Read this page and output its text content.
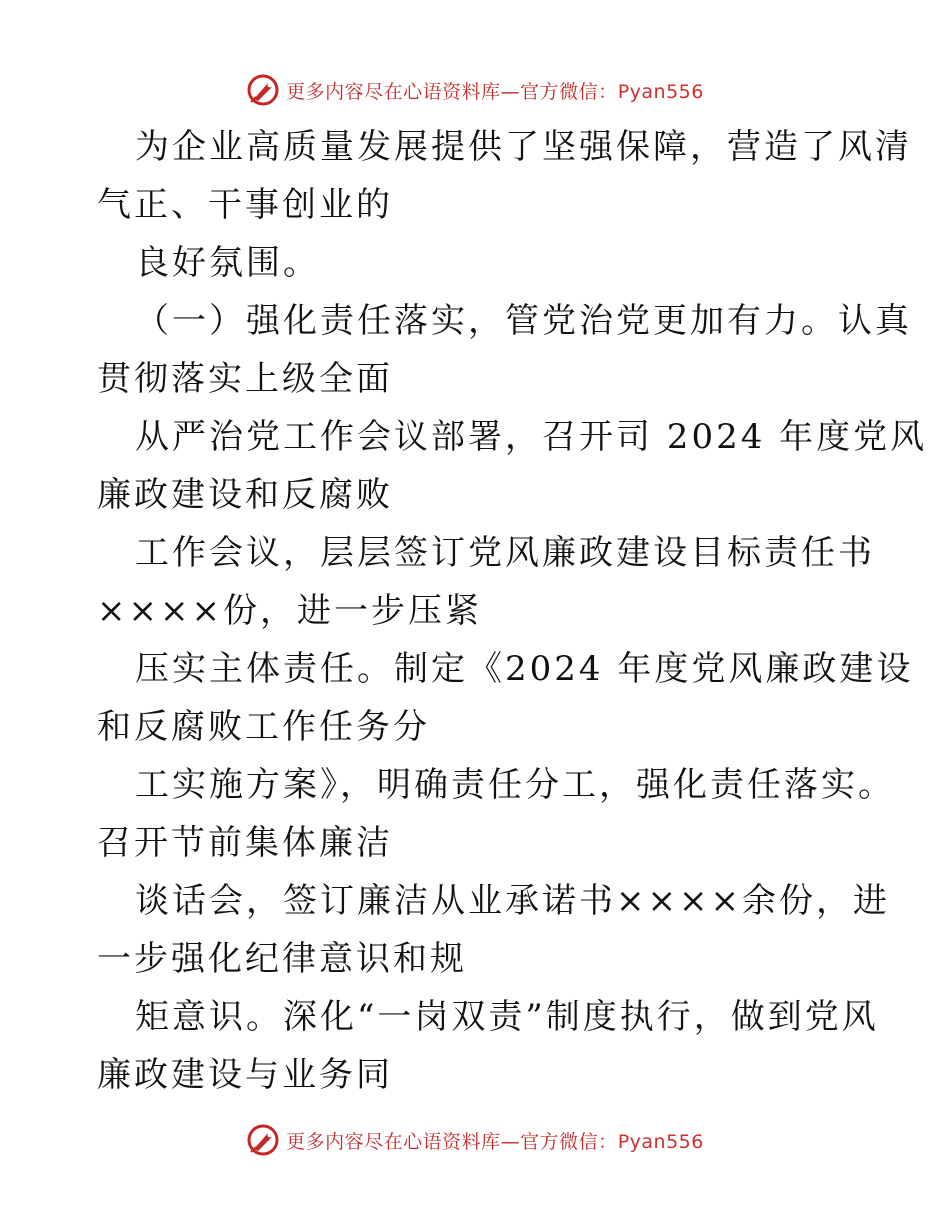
更多内容尽在心语资料库—官方微信：Pyan556
为企业高质量发展提供了坚强保障，营造了风清
气正、干事创业的
良好氛围。
（一）强化责任落实，管党治党更加有力。认真
贯彻落实上级全面
从严治党工作会议部署，召开司 2024 年度党风
廉政建设和反腐败
工作会议，层层签订党风廉政建设目标责任书
××××份，进一步压紧
压实主体责任。制定《2024 年度党风廉政建设
和反腐败工作任务分
工实施方案》，明确责任分工，强化责任落实。
召开节前集体廉洁
谈话会，签订廉洁从业承诺书××××余份，进
一步强化纪律意识和规
矩意识。深化“一岗双责”制度执行，做到党风
廉政建设与业务同
更多内容尽在心语资料库—官方微信：Pyan556
